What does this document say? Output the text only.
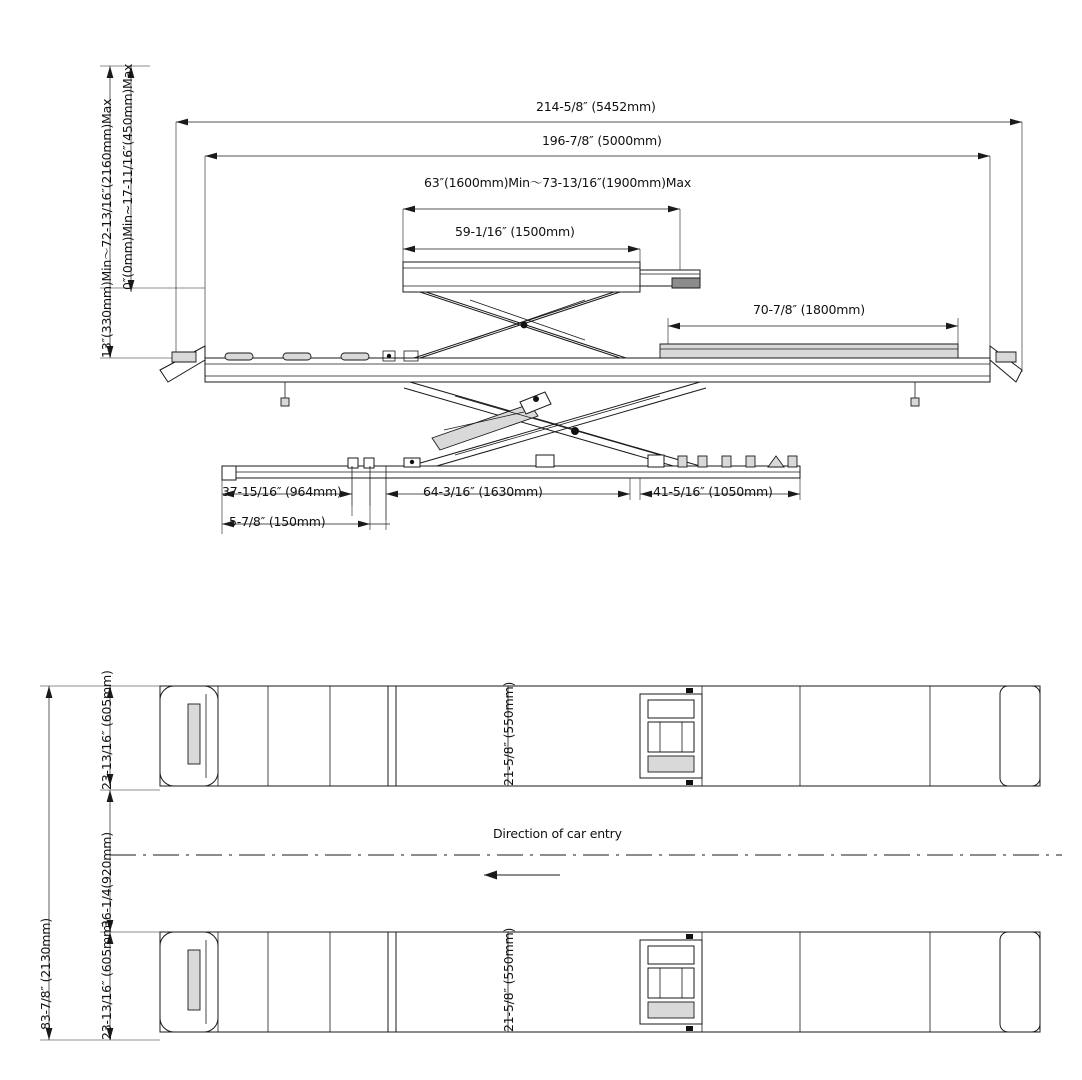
214-5/8″ (5452mm)
196-7/8″ (5000mm)
63″(1600mm)Min～73-13/16″(1900mm)Max
59-1/16″ (1500mm)
70-7/8″ (1800mm)
13″(330mm)Min～72-13/16″(2160mm)Max 0″(0mm)Min~17-11/16″(450mm)Max
37-15/16″ (964mm)	64-3/16″ (1630mm)	41-5/16″ (1050mm)
5-7/8″ (150mm)
83-7/8″ (2130mm)
23-13/16″ (605mm)
36-1/4(920mm)
23-13/16″ (605mm)
21-5/8″ (550mm)
21-5/8″ (550mm)
Direction of car entry
